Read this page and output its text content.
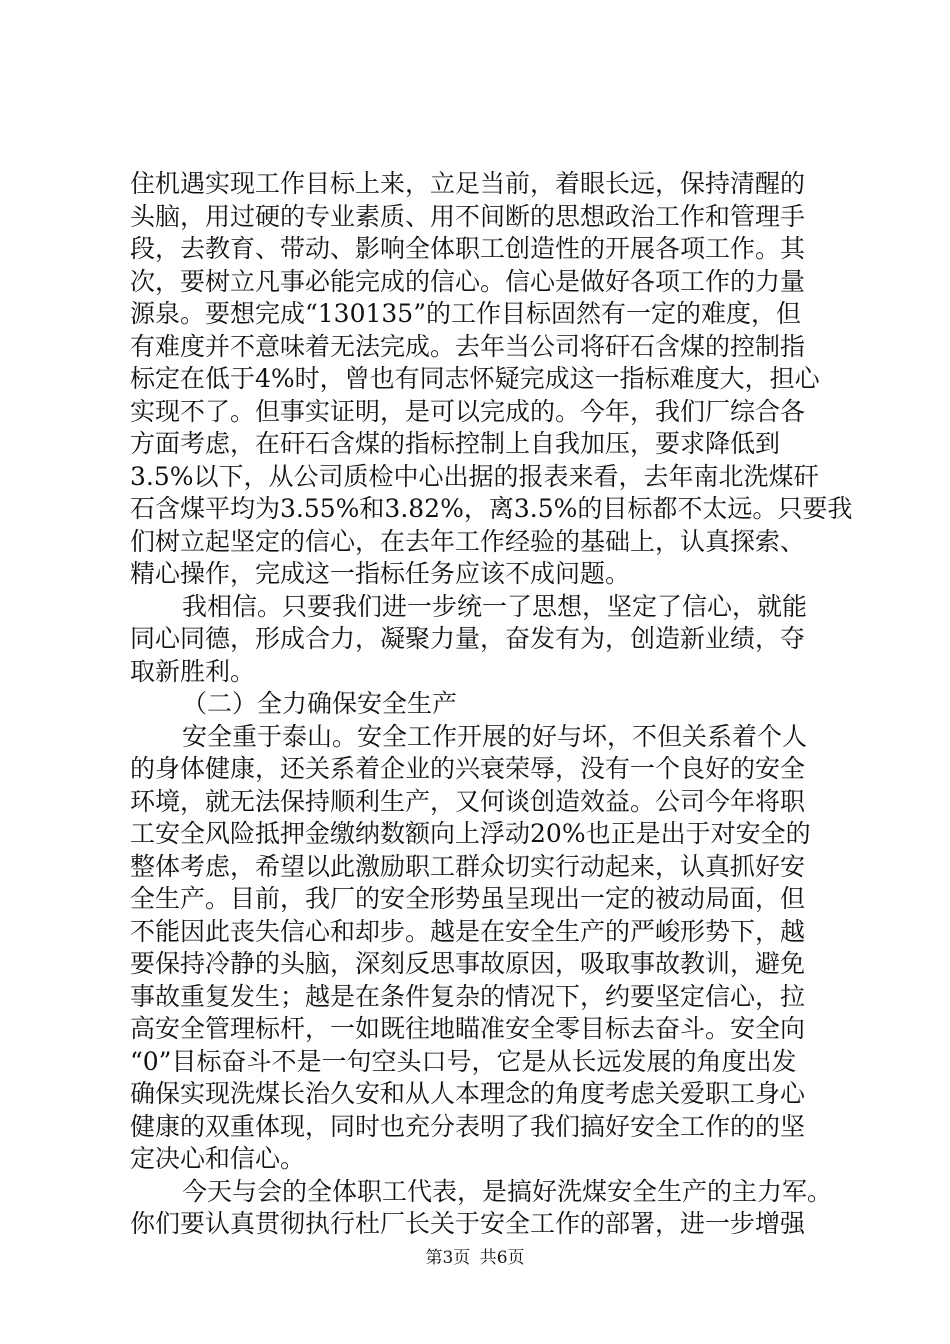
住机遇实现工作目标上来，立足当前，着眼长远，保持清醒的
头脑，用过硬的专业素质、用不间断的思想政治工作和管理手
段，去教育、带动、影响全体职工创造性的开展各项工作。其
次，要树立凡事必能完成的信心。信心是做好各项工作的力量
源泉。要想完成“130135”的工作目标固然有一定的难度，但
有难度并不意味着无法完成。去年当公司将矸石含煤的控制指
标定在低于4%时，曾也有同志怀疑完成这一指标难度大，担心
实现不了。但事实证明，是可以完成的。今年，我们厂综合各
方面考虑，在矸石含煤的指标控制上自我加压，要求降低到
3.5%以下，从公司质检中心出据的报表来看，去年南北洗煤矸
石含煤平均为3.55%和3.82%，离3.5%的目标都不太远。只要我
们树立起坚定的信心，在去年工作经验的基础上，认真探索、
精心操作，完成这一指标任务应该不成问题。
我相信。只要我们进一步统一了思想，坚定了信心，就能
同心同德，形成合力，凝聚力量，奋发有为，创造新业绩，夺
取新胜利。
（二）全力确保安全生产
安全重于泰山。安全工作开展的好与坏，不但关系着个人
的身体健康，还关系着企业的兴衰荣辱，没有一个良好的安全
环境，就无法保持顺利生产，又何谈创造效益。公司今年将职
工安全风险抵押金缴纳数额向上浮动20%也正是出于对安全的
整体考虑，希望以此激励职工群众切实行动起来，认真抓好安
全生产。目前，我厂的安全形势虽呈现出一定的被动局面，但
不能因此丧失信心和却步。越是在安全生产的严峻形势下，越
要保持冷静的头脑，深刻反思事故原因，吸取事故教训，避免
事故重复发生；越是在条件复杂的情况下，约要坚定信心，拉
高安全管理标杆，一如既往地瞄准安全零目标去奋斗。安全向
“0”目标奋斗不是一句空头口号，它是从长远发展的角度出发
确保实现洗煤长治久安和从人本理念的角度考虑关爱职工身心
健康的双重体现，同时也充分表明了我们搞好安全工作的的坚
定决心和信心。
今天与会的全体职工代表，是搞好洗煤安全生产的主力军。
你们要认真贯彻执行杜厂长关于安全工作的部署，进一步增强
第3页 共6页
